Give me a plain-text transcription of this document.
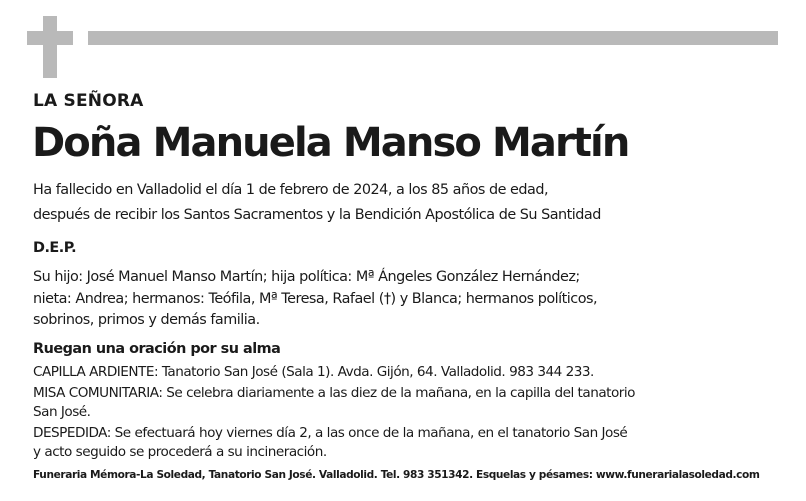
LA SEÑORA
Doña Manuela Manso Martín
Ha fallecido en Valladolid el día 1 de febrero de 2024, a los 85 años de edad,
después de recibir los Santos Sacramentos y la Bendición Apostólica de Su Santidad
D.E.P.
Su hijo: José Manuel Manso Martín; hija política: Mª Ángeles González Hernández;
nieta: Andrea; hermanos: Teófila, Mª Teresa, Rafael (†) y Blanca; hermanos políticos,
sobrinos, primos y demás familia.
Ruegan una oración por su alma
CAPILLA ARDIENTE: Tanatorio San José (Sala 1). Avda. Gijón, 64. Valladolid. 983 344 233.
MISA COMUNITARIA: Se celebra diariamente a las diez de la mañana, en la capilla del tanatorio
San José.
DESPEDIDA: Se efectuará hoy viernes día 2, a las once de la mañana, en el tanatorio San José
y acto seguido se procederá a su incineración.
Funeraria Mémora-La Soledad, Tanatorio San José. Valladolid. Tel. 983 351342. Esquelas y pésames: www.funerarialasoledad.com
